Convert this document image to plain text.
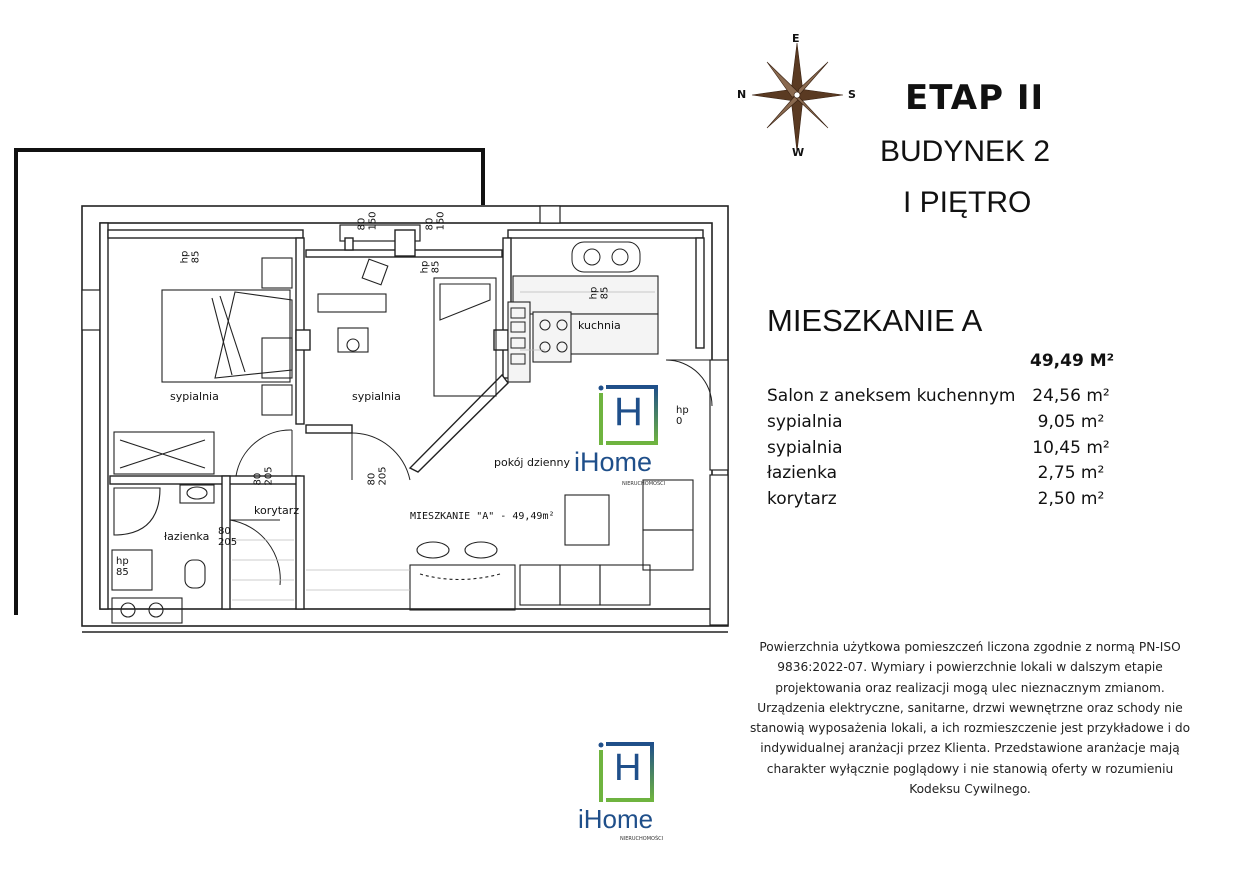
N	S
E
W
sypialnia	sypialnia
kuchnia
pokój dzienny
łazienka
korytarz	MIESZKANIE "A" - 49,49m²
hp
0
hp
85
80
205
80
205	80
205
hp
85
hp
85
hp
85
80
150	80
150
ETAP II
BUDYNEK 2
I PIĘTRO
MIESZKANIE A
49,49 M²
Salon z aneksem kuchennym 24,56 m²
sypialnia	9,05 m²
sypialnia	10,45 m²
łazienka	2,75 m²
korytarz	2,50 m²
Powierzchnia użytkowa pomieszczeń liczona zgodnie z normą PN-ISO 9836:2022-07. Wymiary i powierzchnie lokali w dalszym etapie projektowania oraz realizacji mogą ulec nieznacznym zmianom. Urządzenia elektryczne, sanitarne, drzwi wewnętrzne oraz schody nie stanowią wyposażenia lokali, a ich rozmieszczenie jest przykładowe i do indywidualnej aranżacji przez Klienta. Przedstawione aranżacje mają charakter wyłącznie poglądowy i nie stanowią oferty w rozumieniu Kodeksu Cywilnego.
H
iHome
NIERUCHOMOŚCI
H
iHome
NIERUCHOMOŚCI
